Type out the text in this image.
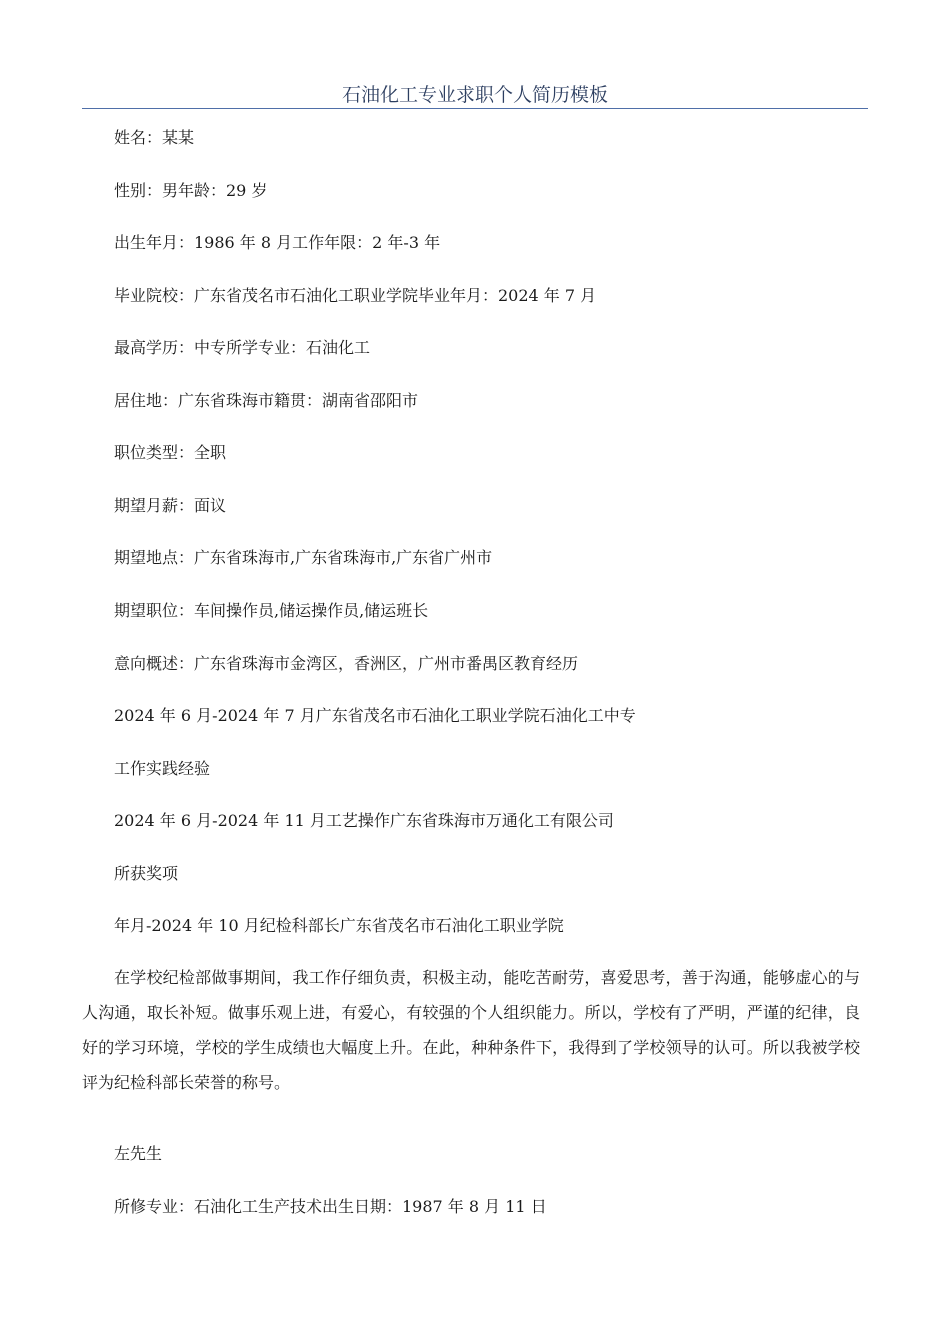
石油化工专业求职个人简历模板
姓名：某某
性别：男年龄：29 岁
出生年月：1986 年 8 月工作年限：2 年-3 年
毕业院校：广东省茂名市石油化工职业学院毕业年月：2024 年 7 月
最高学历：中专所学专业：石油化工
居住地：广东省珠海市籍贯：湖南省邵阳市
职位类型：全职
期望月薪：面议
期望地点：广东省珠海市,广东省珠海市,广东省广州市
期望职位：车间操作员,储运操作员,储运班长
意向概述：广东省珠海市金湾区，香洲区，广州市番禺区教育经历
2024 年 6 月-2024 年 7 月广东省茂名市石油化工职业学院石油化工中专
工作实践经验
2024 年 6 月-2024 年 11 月工艺操作广东省珠海市万通化工有限公司
所获奖项
年月-2024 年 10 月纪检科部长广东省茂名市石油化工职业学院
在学校纪检部做事期间，我工作仔细负责，积极主动，能吃苦耐劳，喜爱思考，善于沟通，能够虚心的与人沟通，取长补短。做事乐观上进，有爱心，有较强的个人组织能力。所以，学校有了严明，严谨的纪律，良好的学习环境，学校的学生成绩也大幅度上升。在此，种种条件下，我得到了学校领导的认可。所以我被学校评为纪检科部长荣誉的称号。
左先生
所修专业：石油化工生产技术出生日期：1987 年 8 月 11 日
